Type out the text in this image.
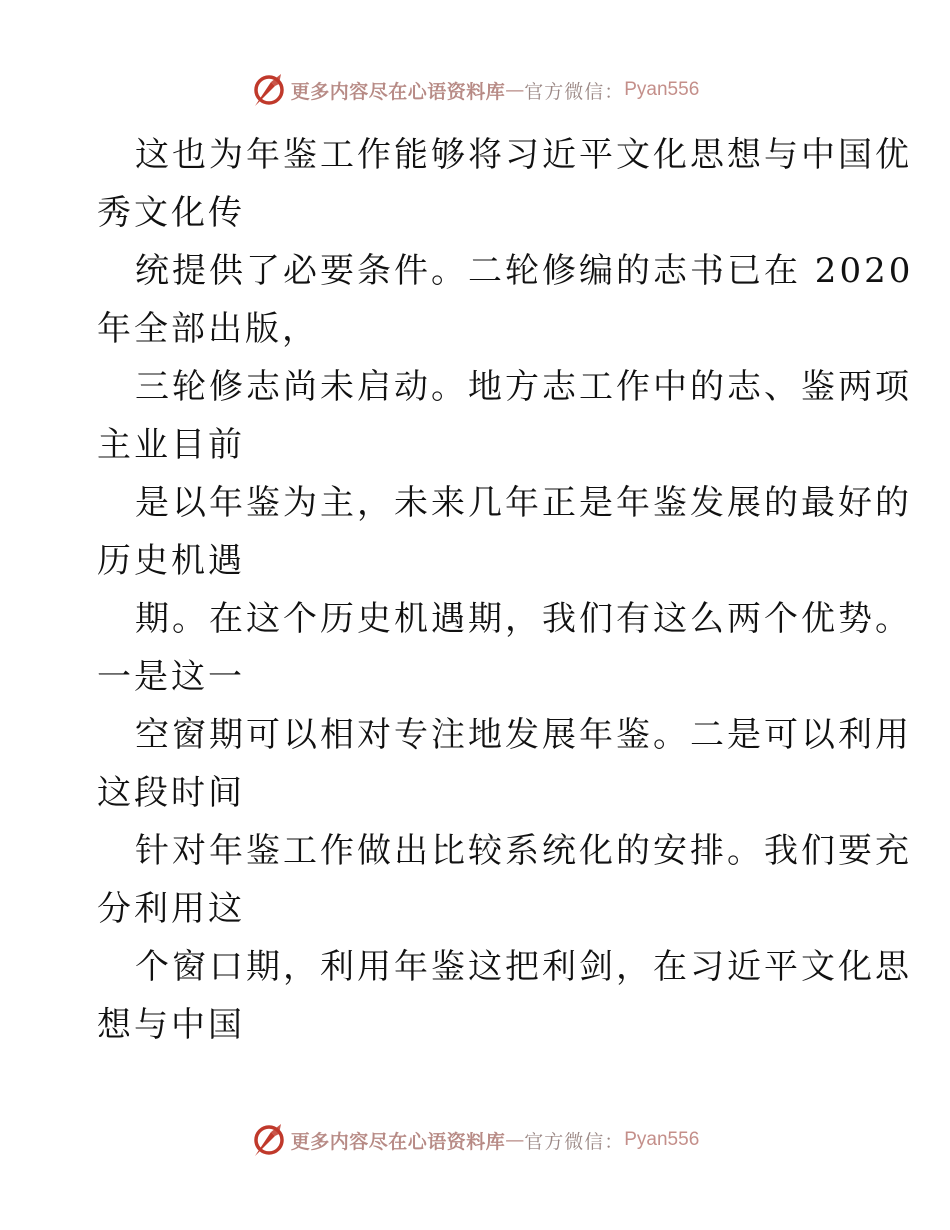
更多内容尽在心语资料库 — 官方微信： Pyan556
这也为年鉴工作能够将习近平文化思想与中国优
秀文化传
统提供了必要条件。二轮修编的志书已在 2020
年全部出版，
三轮修志尚未启动。地方志工作中的志、鉴两项
主业目前
是以年鉴为主，未来几年正是年鉴发展的最好的
历史机遇
期。在这个历史机遇期，我们有这么两个优势。
一是这一
空窗期可以相对专注地发展年鉴。二是可以利用
这段时间
针对年鉴工作做出比较系统化的安排。我们要充
分利用这
个窗口期，利用年鉴这把利剑，在习近平文化思
想与中国
更多内容尽在心语资料库 — 官方微信： Pyan556
